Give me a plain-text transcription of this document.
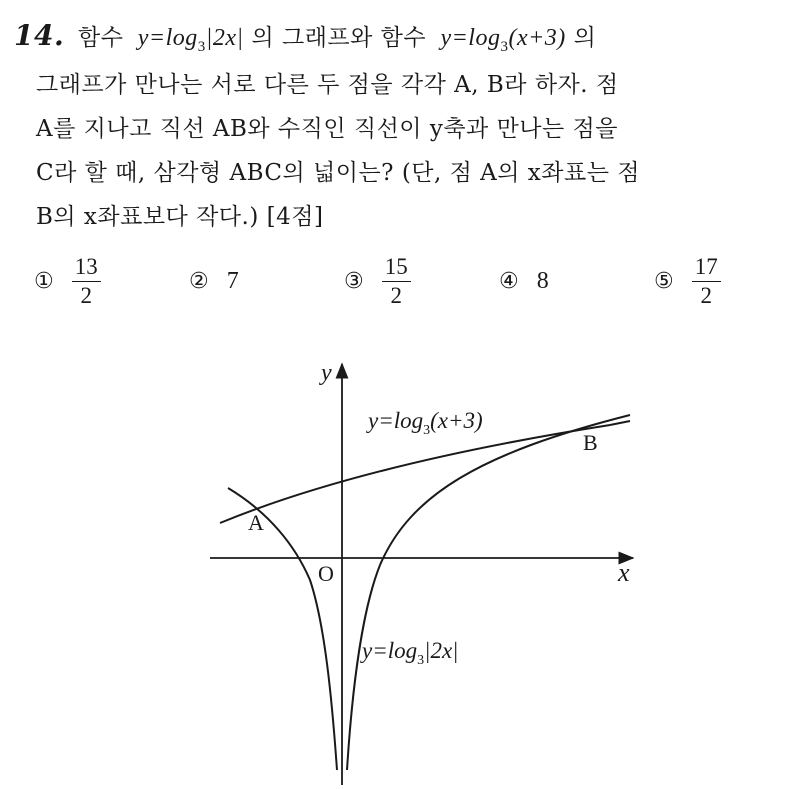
14. 함수 $y=\log_3|2x|$ 의 그래프와 함수 $y=\log_3(x+3)$ 의
그래프가 만나는 서로 다른 두 점을 각각 A, B라 하자. 점
A를 지나고 직선 AB와 수직인 직선이 y축과 만나는 점을
C라 할 때, 삼각형 ABC의 넓이는? (단, 점 A의 x좌표는 점
B의 x좌표보다 작다.) [4점]
① $\frac{13}{2}$	② 7	③ $\frac{15}{2}$	④ 8	⑤ $\frac{17}{2}$
y
x
O
A
B
$y=\log_3(x+3)$
$y=\log_3|2x|$
